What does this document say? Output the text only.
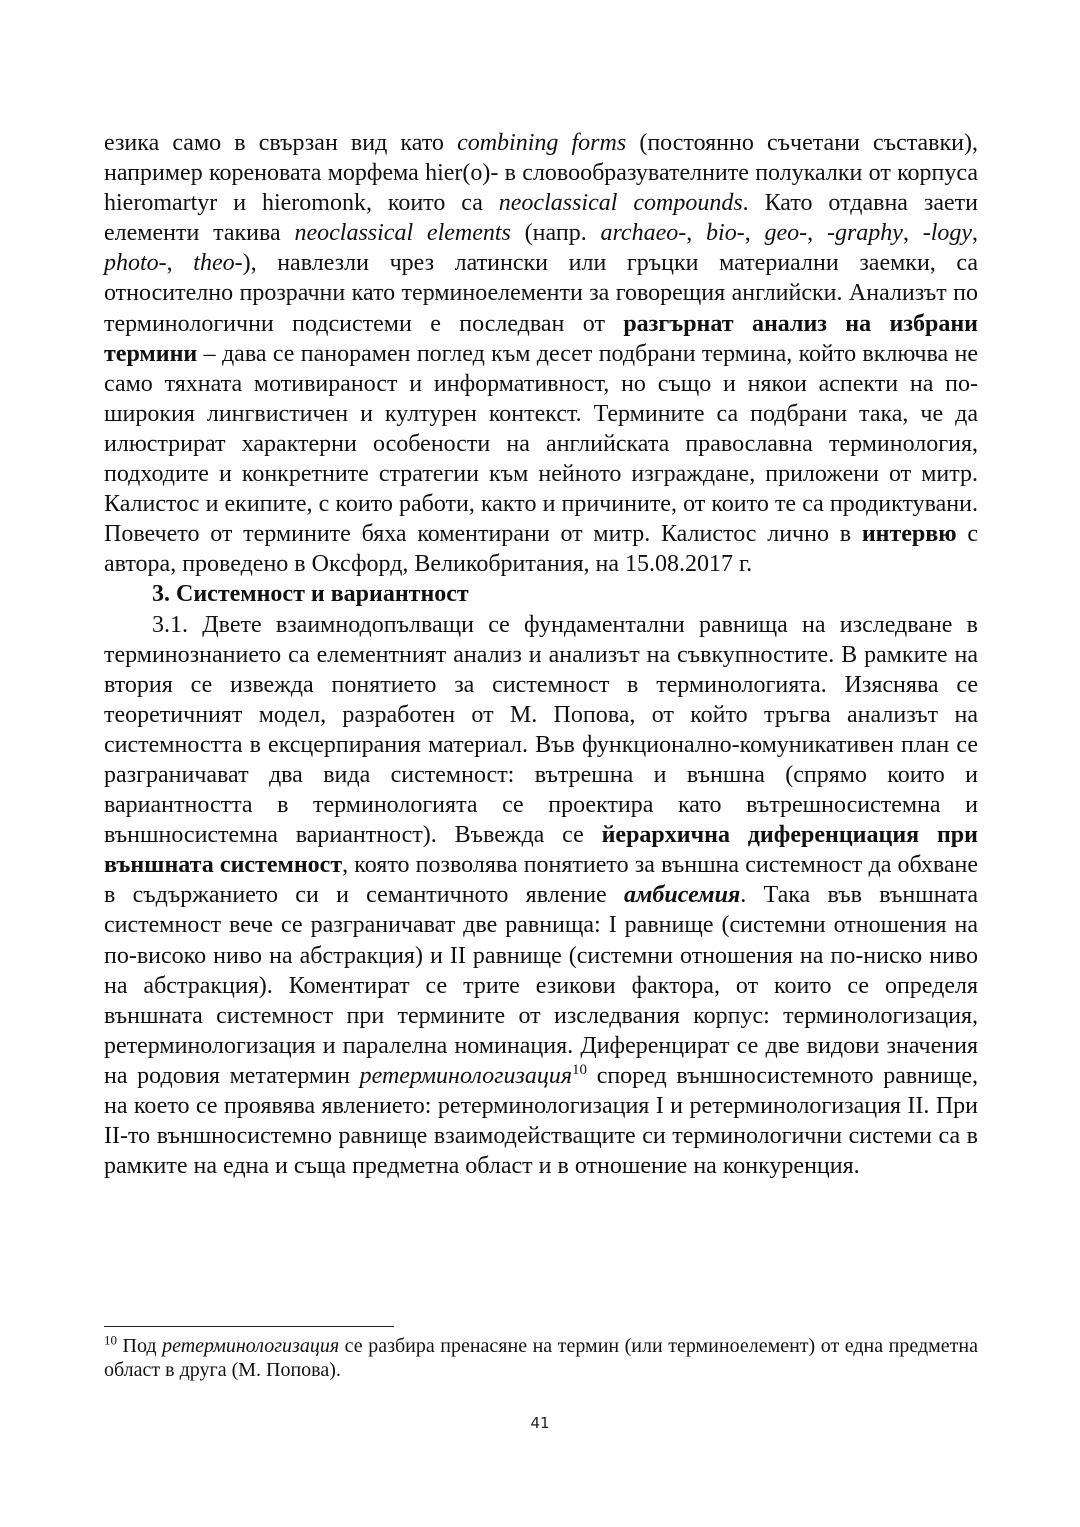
езика само в свързан вид като combining forms (постоянно съчетани съставки), например кореновата морфема hier(o)- в словообразувателните полукалки от корпуса hieromartyr и hieromonk, които са neoclassical compounds. Като отдавна заети елементи такива neoclassical elements (напр. archaeo-, bio-, geo-, -graphy, -logy, photo-, theo-), навлезли чрез латински или гръцки материални заемки, са относително прозрачни като терминоелементи за говорещия английски. Анализът по терминологични подсистеми е последван от разгърнат анализ на избрани термини – дава се панорамен поглед към десет подбрани термина, който включва не само тяхната мотивираност и информативност, но също и някои аспекти на по-широкия лингвистичен и културен контекст. Термините са подбрани така, че да илюстрират характерни особености на английската православна терминология, подходите и конкретните стратегии към нейното изграждане, приложени от митр. Калистос и екипите, с които работи, както и причините, от които те са продиктувани. Повечето от термините бяха коментирани от митр. Калистос лично в интервю с автора, проведено в Оксфорд, Великобритания, на 15.08.2017 г.

3. Системност и вариантност

3.1. Двете взаимнодопълващи се фундаментални равнища на изследване в терминознанието са елементният анализ и анализът на съвкупностите. В рамките на втория се извежда понятието за системност в терминологията. Изяснява се теоретичният модел, разработен от М. Попова, от който тръгва анализът на системността в ексцерпирания материал. Във функционално-комуникативен план се разграничават два вида системност: вътрешна и външна (спрямо които и вариантността в терминологията се проектира като вътрешносистемна и външносистемна вариантност). Въвежда се йерархична диференциация при външната системност, която позволява понятието за външна системност да обхване в съдържанието си и семантичното явление амбисемия. Така във външната системност вече се разграничават две равнища: I равнище (системни отношения на по-високо ниво на абстракция) и II равнище (системни отношения на по-ниско ниво на абстракция). Коментират се трите езикови фактора, от които се определя външната системност при термините от изследвания корпус: терминологизация, ретерминологизация и паралелна номинация. Диференцират се две видови значения на родовия метатермин ретерминологизация$^{10}$ според външносистемното равнище, на което се проявява явлението: ретерминологизация I и ретерминологизация II. При II-то външносистемно равнище взаимодействащите си терминологични системи са в рамките на една и съща предметна област и в отношение на конкуренция.

$^{10}$ Под ретерминологизация се разбира пренасяне на термин (или терминоелемент) от една предметна област в друга (М. Попова).

41
